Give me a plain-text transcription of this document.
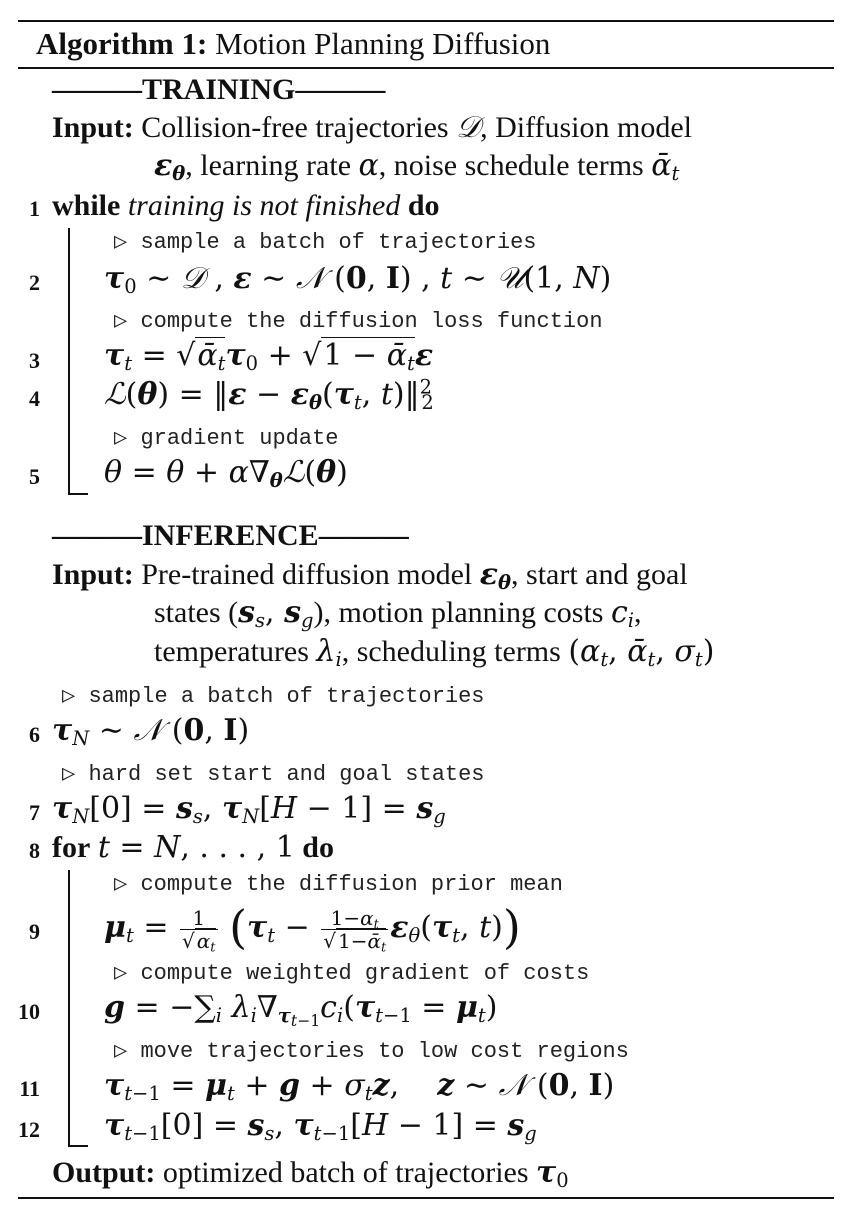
Algorithm 1: Motion Planning Diffusion
———TRAINING———
Input: Collision-free trajectories 𝒟, Diffusion model
$\varepsilon_\theta$, learning rate α, noise schedule terms ᾱ$_t$
1 while training is not finished do
▷ sample a batch of trajectories
2 $\tau_0$ ∼ 𝒟 , ε ∼ 𝒩 (0, I) , t ∼ 𝒰(1, N)
▷ compute the diffusion loss function
3 $\tau_t$ = $√ᾱ_t\tau_0 + √1$ − ᾱ$_t$ε
4 ℒ(θ) = ‖ε − $\varepsilon_\theta(\tau_t$, t)‖$^2_2$
▷ gradient update
5 $\theta = \theta + \alpha\nabla_\theta ℒ(\theta)$
———INFERENCE———
Input: Pre-trained diffusion model $\varepsilon_\theta$, start and goal
states ($s_s$, $s_g$), motion planning costs $c_i$,
temperatures $\lambda_i$, scheduling terms ($\alpha_t$, ᾱ$_t$, $\sigma_t$)
▷ sample a batch of trajectories
6 $\tau_N$ ∼ 𝒩 (0, I)
▷ hard set start and goal states
7 $\tau_N[0] = s_s$, $\tau_N[H - 1] = s_g$
8 for t = N, . . . , 1 do
▷ compute the diffusion prior mean
9 $\mu_t = \frac{1}{√ \alpha_t} (\tau_t - \frac{1-\alpha_t}{√ 1-ᾱ_t} \varepsilon_\theta(\tau_t$, t))
▷ compute weighted gradient of costs
10 $g = -\sum_i$ $\lambda_i\nabla_{\tau_{t-1}}c_i(\tau_{t-1} = \mu_t)$
▷ move trajectories to low cost regions
11 $\tau_{t-1} = \mu_t + g + \sigma_tz$,    z ∼ 𝒩 (0, I)
12 $\tau_{t-1}[0] = s_s$, $\tau_{t-1}[H - 1] = s_g$
Output: optimized batch of trajectories $\tau_0$
